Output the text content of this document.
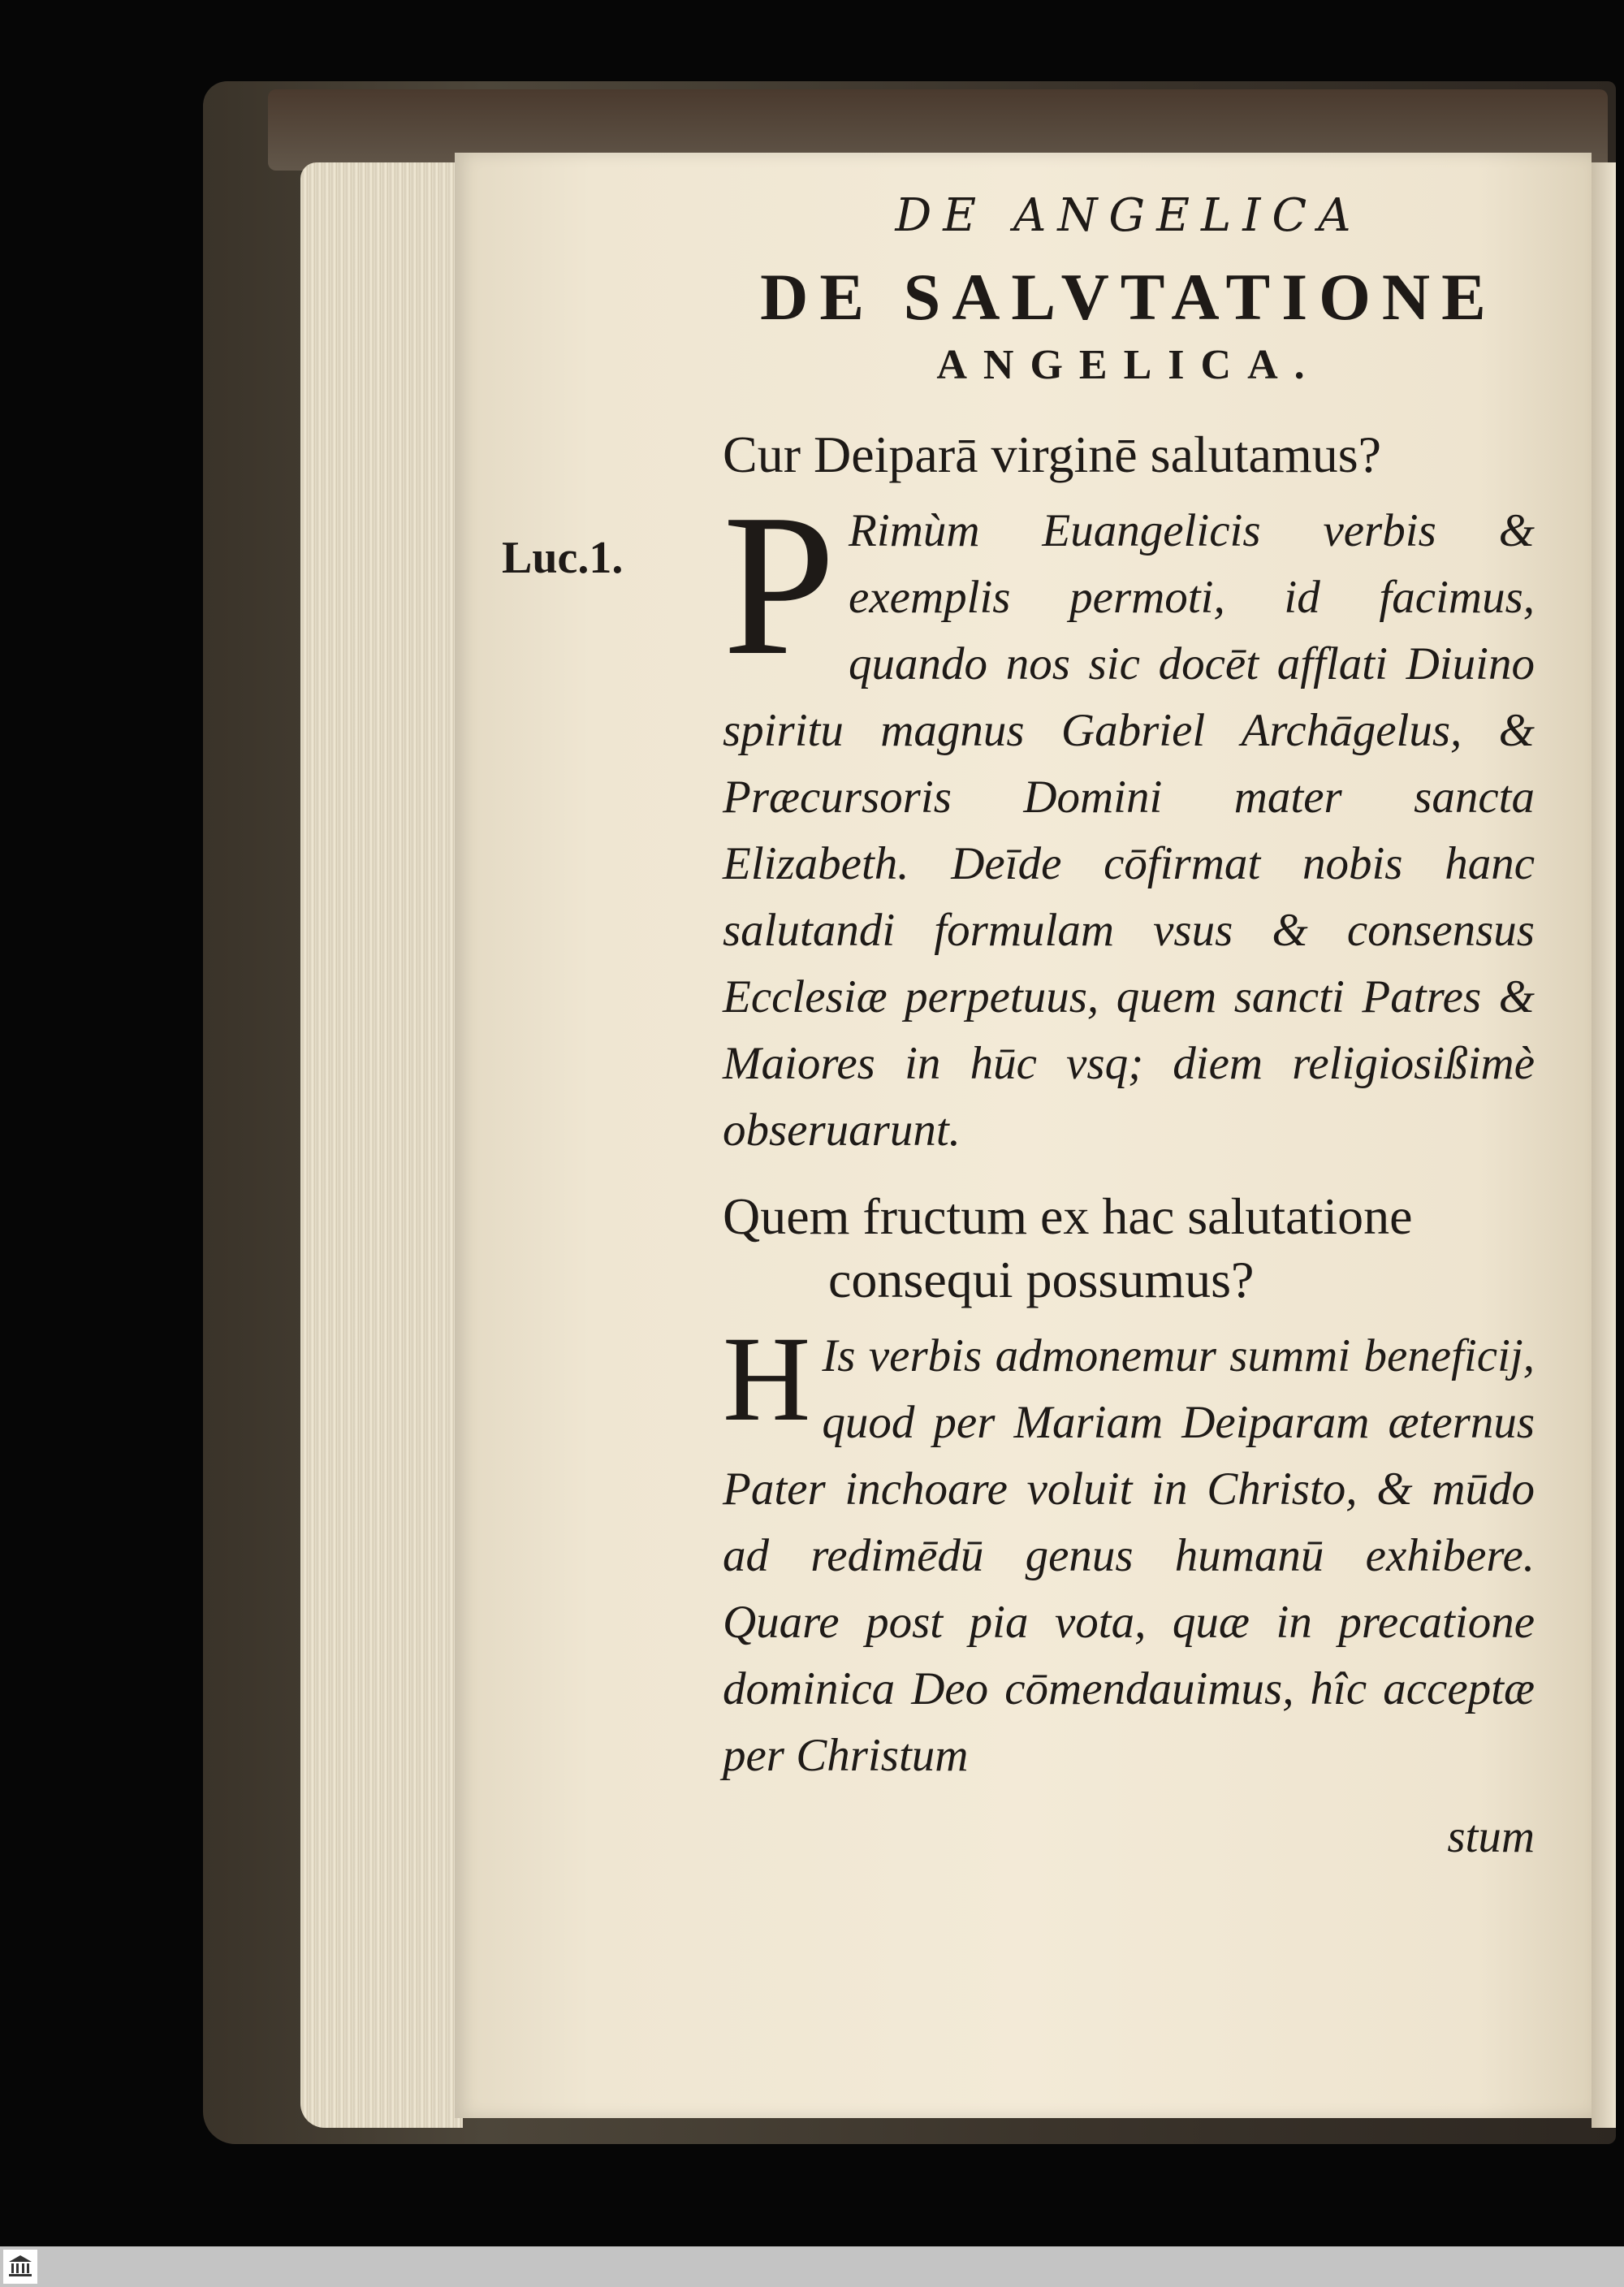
Luc.1.
DE ANGELICA
DE SALVTATIONE
ANGELICA.
Cur Deiparā virginē salutamus?

P Rimùm Euangelicis verbis & exemplis permoti, id facimus, quando nos sic docēt afflati Diuino spiritu magnus Gabriel Archāgelus, & Præcursoris Domini mater sancta Elizabeth. Deīde cōfirmat nobis hanc salutandi formulam vsus & consensus Ecclesiæ perpetuus, quem sancti Patres & Maiores in hūc vsq; diem religiosißimè obseruarunt.

Quem fructum ex hac salutatione consequi possumus?

H Is verbis admonemur summi beneficij, quod per Mariam Deiparam æternus Pater inchoare voluit in Christo, & mūdo ad redimēdū genus humanū exhibere. Quare post pia vota, quæ in precatione dominica Deo cōmendauimus, hîc acceptæ per Christum

stum
